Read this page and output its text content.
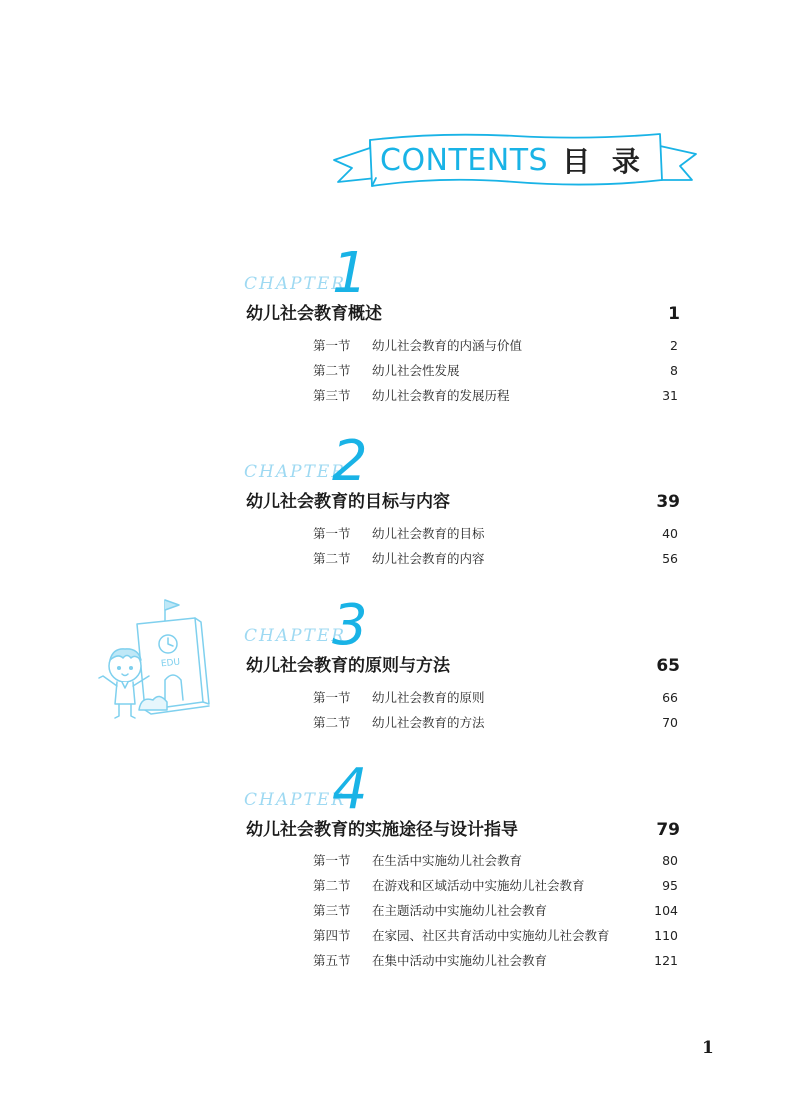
CONTENTS 目 录
CHAPTER
1
幼儿社会教育概述	1
第一节 幼儿社会教育的内涵与价值	2
第二节 幼儿社会性发展	8
第三节 幼儿社会教育的发展历程	31
CHAPTER
2
幼儿社会教育的目标与内容	39
第一节 幼儿社会教育的目标	40
第二节 幼儿社会教育的内容	56
CHAPTER
3
幼儿社会教育的原则与方法	65
第一节 幼儿社会教育的原则	66
第二节 幼儿社会教育的方法	70
CHAPTER
4
幼儿社会教育的实施途径与设计指导	79
第一节 在生活中实施幼儿社会教育	80
第二节 在游戏和区域活动中实施幼儿社会教育	95
第三节 在主题活动中实施幼儿社会教育	104
第四节 在家园、社区共育活动中实施幼儿社会教育	110
第五节 在集中活动中实施幼儿社会教育	121
EDU
1
